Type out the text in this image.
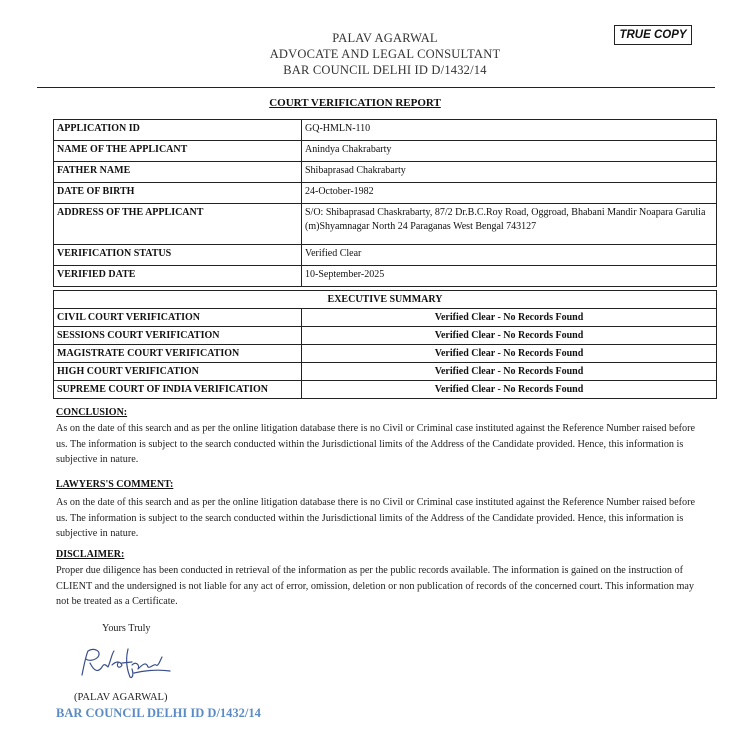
PALAV AGARWAL
ADVOCATE AND LEGAL CONSULTANT
BAR COUNCIL DELHI ID D/1432/14
TRUE COPY
COURT VERIFICATION REPORT
APPLICATION ID	GQ-HMLN-110
NAME OF THE APPLICANT	Anindya Chakrabarty
FATHER NAME	Shibaprasad Chakrabarty
DATE OF BIRTH	24-October-1982
ADDRESS OF THE APPLICANT	S/O: Shibaprasad Chaskrabarty, 87/2 Dr.B.C.Roy Road, Oggroad, Bhabani Mandir Noapara Garulia (m)Shyamnagar North 24 Paraganas West Bengal 743127
VERIFICATION STATUS	Verified Clear
VERIFIED DATE	10-September-2025
EXECUTIVE SUMMARY	
CIVIL COURT VERIFICATION	Verified Clear - No Records Found
SESSIONS COURT VERIFICATION	Verified Clear - No Records Found
MAGISTRATE COURT VERIFICATION	Verified Clear - No Records Found
HIGH COURT VERIFICATION	Verified Clear - No Records Found
SUPREME COURT OF INDIA VERIFICATION	Verified Clear - No Records Found
CONCLUSION:
As on the date of this search and as per the online litigation database there is no Civil or Criminal case instituted against the Reference Number raised before us. The information is subject to the search conducted within the Jurisdictional limits of the Address of the Candidate provided. Hence, this information is subjective in nature.
LAWYERS'S COMMENT:
As on the date of this search and as per the online litigation database there is no Civil or Criminal case instituted against the Reference Number raised before us. The information is subject to the search conducted within the Jurisdictional limits of the Address of the Candidate provided. Hence, this information is subjective in nature.
DISCLAIMER:
Proper due diligence has been conducted in retrieval of the information as per the public records available. The information is gained on the instruction of CLIENT and the undersigned is not liable for any act of error, omission, deletion or non publication of records of the concerned court. This information may not be treated as a Certificate.
Yours Truly
(PALAV AGARWAL)
BAR COUNCIL DELHI ID D/1432/14
